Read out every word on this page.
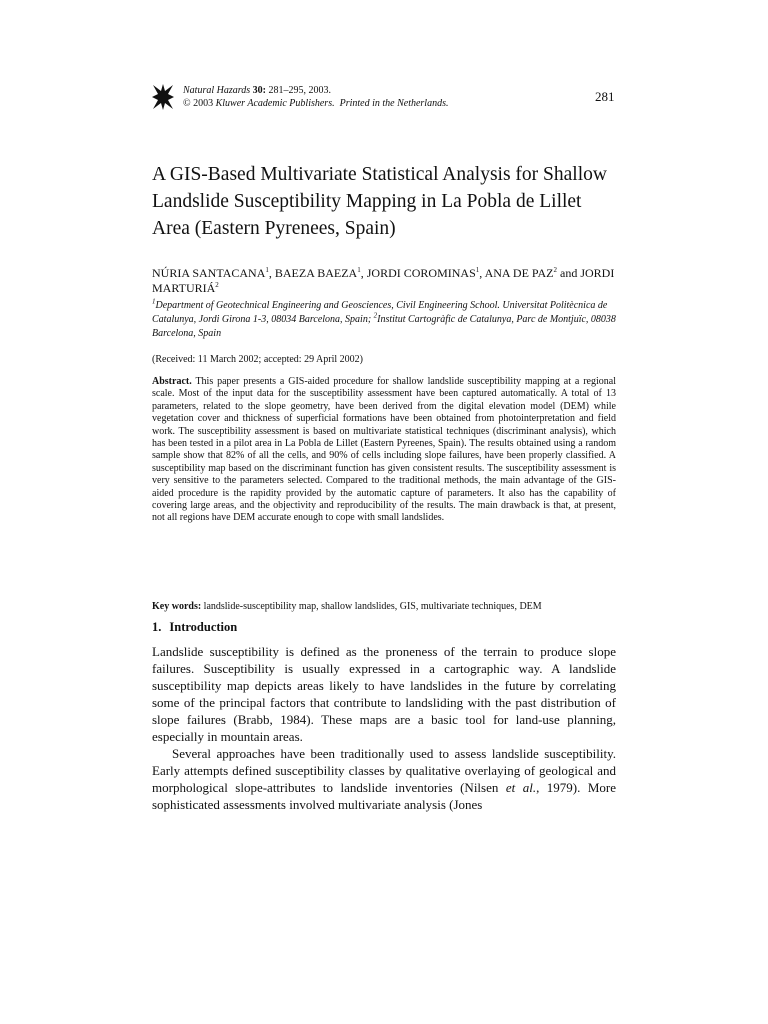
Natural Hazards 30: 281–295, 2003.
© 2003 Kluwer Academic Publishers. Printed in the Netherlands.	281
A GIS-Based Multivariate Statistical Analysis for Shallow Landslide Susceptibility Mapping in La Pobla de Lillet Area (Eastern Pyrenees, Spain)
NÚRIA SANTACANA$^1$, BAEZA BAEZA$^1$, JORDI COROMINAS$^1$, ANA DE PAZ$^2$ and JORDI MARTURIÁ$^2$
$^1$Department of Geotechnical Engineering and Geosciences, Civil Engineering School. Universitat Politècnica de Catalunya, Jordi Girona 1-3, 08034 Barcelona, Spain; $^2$Institut Cartogràfic de Catalunya, Parc de Montjuïc, 08038 Barcelona, Spain
(Received: 11 March 2002; accepted: 29 April 2002)

Abstract. This paper presents a GIS-aided procedure for shallow landslide susceptibility mapping at a regional scale. Most of the input data for the susceptibility assessment have been captured automatically. A total of 13 parameters, related to the slope geometry, have been derived from the digital elevation model (DEM) while vegetation cover and thickness of superficial formations have been obtained from photointerpretation and field work. The susceptibility assessment is based on multivariate statistical techniques (discriminant analysis), which has been tested in a pilot area in La Pobla de Lillet (Eastern Pyreenes, Spain). The results obtained using a random sample show that 82% of all the cells, and 90% of cells including slope failures, have been properly classified. A susceptibility map based on the discriminant function has given consistent results. The susceptibility assessment is very sensitive to the parameters selected. Compared to the traditional methods, the main advantage of the GIS-aided procedure is the rapidity provided by the automatic capture of parameters. It also has the capability of covering large areas, and the objectivity and reproducibility of the results. The main drawback is that, at present, not all regions have DEM accurate enough to cope with small landslides.

Key words: landslide-susceptibility map, shallow landslides, GIS, multivariate techniques, DEM
1. Introduction

Landslide susceptibility is defined as the proneness of the terrain to produce slope failures. Susceptibility is usually expressed in a cartographic way. A landslide susceptibility map depicts areas likely to have landslides in the future by correlating some of the principal factors that contribute to landsliding with the past distribution of slope failures (Brabb, 1984). These maps are a basic tool for land-use planning, especially in mountain areas.

Several approaches have been traditionally used to assess landslide susceptibility. Early attempts defined susceptibility classes by qualitative overlaying of geological and morphological slope-attributes to landslide inventories (Nilsen et al., 1979). More sophisticated assessments involved multivariate analysis (Jones
